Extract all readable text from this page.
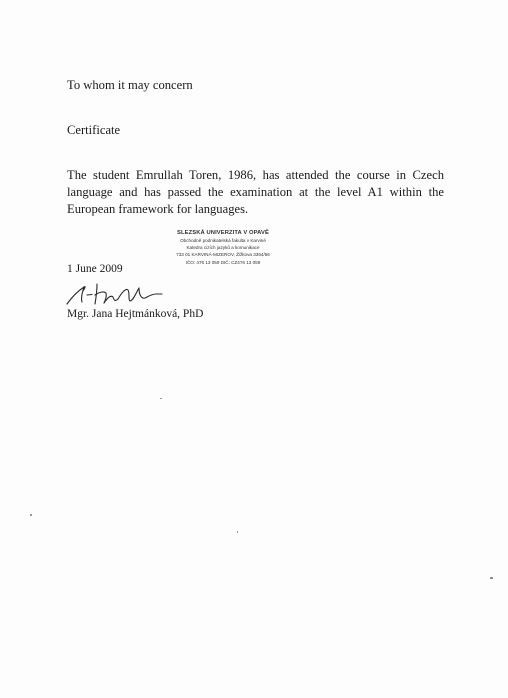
To whom it may concern
Certificate
The student Emrullah Toren, 1986, has attended the course in Czech language and has passed the examination at the level A1 within the European framework for languages.
SLEZSKÁ UNIVERZITA V OPAVĚ
Obchodně podnikatelská fakulta v Karviné
Katedra cizích jazyků a komunikace
733 01 KARVINÁ-MIZEROV, Žižkova 3364/56
IČO: 476 13 059 DIČ: CZ476 13 059
1 June 2009
Mgr. Jana Hejtmánková, PhD
